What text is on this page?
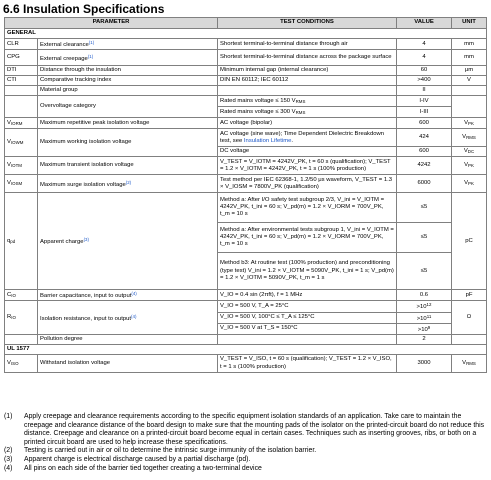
6.6 Insulation Specifications
PARAMETER		TEST CONDITIONS	VALUE	UNIT
GENERAL				
CLR	External clearance$^{(1)}$	Shortest terminal-to-terminal distance through air	4	mm
CPG	External creepage$^{(1)}$	Shortest terminal-to-terminal distance across the package surface	4	mm
DTI	Distance through the insulation	Minimum internal gap (internal clearance)	60	μm
CTI	Comparative tracking index	DIN EN 60112; IEC 60112	>400	V
	Material group		II	
	Overvoltage category	Rated mains voltage ≤ 150 $V_{RMS}$	I-IV	
		Rated mains voltage ≤ 300 $V_{RMS}$	I-III	
$V_{IORM}$	Maximum repetitive peak isolation voltage	AC voltage (bipolar)	600	$V_{PK}$
$V_{IOWM}$	Maximum working isolation voltage	AC voltage (sine wave); Time Dependent Dielectric Breakdown test, see Insulation Lifetime.	424	$V_{RMS}$
		DC voltage	600	$V_{DC}$
$V_{IOTM}$	Maximum transient isolation voltage	V_TEST = V_IOTM = 4242V_PK, t = 60 s (qualification); V_TEST = 1.2 × V_IOTM = 4242V_PK, t = 1 s (100% production)	4242	$V_{PK}$
$V_{IOSM}$	Maximum surge isolation voltage$^{(2)}$	Test method per IEC 62368-1, 1.2/50 μs waveform, V_TEST = 1.3 × V_IOSM = 7800V_PK (qualification)	6000	$V_{PK}$
$q_{pd}$	Apparent charge$^{(3)}$	Method a: After I/O safety test subgroup 2/3, V_ini = V_IOTM = 4242V_PK, t_ini = 60 s; V_pd(m) = 1.2 × V_IORM = 700V_PK, t_m = 10 s	≤5	pC
		Method a: After environmental tests subgroup 1, V_ini = V_IOTM = 4242V_PK, t_ini = 60 s; V_pd(m) = 1.2 × V_IORM = 700V_PK, t_m = 10 s	≤5	
		Method b3: At routine test (100% production) and preconditioning (type test) V_ini = 1.2 × V_IOTM = 5090V_PK, t_ini = 1 s; V_pd(m) = 1.2 × V_IOTM = 5090V_PK, t_m = 1 s	≤5	
$C_{IO}$	Barrier capacitance, input to output$^{(4)}$	V_IO = 0.4 sin (2πft), f = 1 MHz	0.6	pF
$R_{IO}$	Isolation resistance, input to output$^{(4)}$	V_IO = 500 V, T_A = 25°C	$>10^{12}$	Ω
		V_IO = 500 V, 100°C ≤ T_A ≤ 125°C	$>10^{11}$
		V_IO = 500 V at T_S = 150°C	$>10^9$
	Pollution degree		2	
UL 1577				
$V_{ISO}$	Withstand isolation voltage	V_TEST = V_ISO, t = 60 s (qualification); V_TEST = 1.2 × V_ISO, t = 1 s (100% production)	3000	$V_{RMS}$
(1)	Apply creepage and clearance requirements according to the specific equipment isolation standards of an application. Take care to maintain the creepage and clearance distance of the board design to make sure that the mounting pads of the isolator on the printed-circuit board do not reduce this distance. Creepage and clearance on a printed-circuit board become equal in certain cases. Techniques such as inserting grooves, ribs, or both on a printed circuit board are used to help increase these specifications.
(2)	Testing is carried out in air or oil to determine the intrinsic surge immunity of the isolation barrier.
(3)	Apparent charge is electrical discharge caused by a partial discharge (pd).
(4)	All pins on each side of the barrier tied together creating a two-terminal device
